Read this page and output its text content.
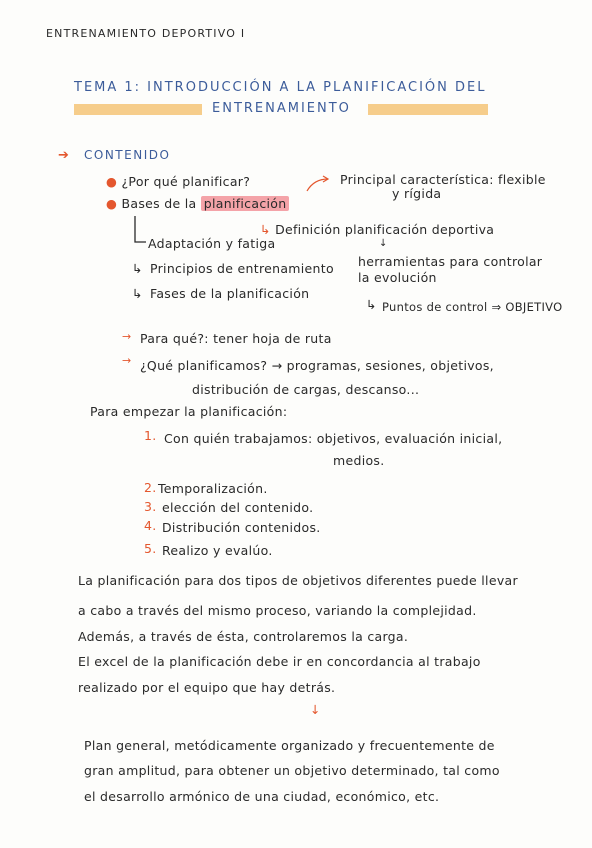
ENTRENAMIENTO DEPORTIVO I
TEMA 1: INTRODUCCIÓN A LA PLANIFICACIÓN DEL
ENTRENAMIENTO
➔ CONTENIDO
● ¿Por qué planificar?
● Bases de la planificación
Principal característica: flexible
y rígida
↳ Definición planificación deportiva
↓
Adaptación y fatiga
↳ Principios de entrenamiento
↳ Fases de la planificación
herramientas para controlar
la evolución
↳ Puntos de control ⇒ OBJETIVO
→ Para qué?: tener hoja de ruta
→ ¿Qué planificamos? → programas, sesiones, objetivos,
distribución de cargas, descanso...
Para empezar la planificación:
1. Con quién trabajamos: objetivos, evaluación inicial,
medios.
2. Temporalización.
3. elección del contenido.
4. Distribución contenidos.
5. Realizo y evalúo.
La planificación para dos tipos de objetivos diferentes puede llevar
a cabo a través del mismo proceso, variando la complejidad.
Además, a través de ésta, controlaremos la carga.
El excel de la planificación debe ir en concordancia al trabajo
realizado por el equipo que hay detrás.
↓
Plan general, metódicamente organizado y frecuentemente de
gran amplitud, para obtener un objetivo determinado, tal como
el desarrollo armónico de una ciudad, económico, etc.
